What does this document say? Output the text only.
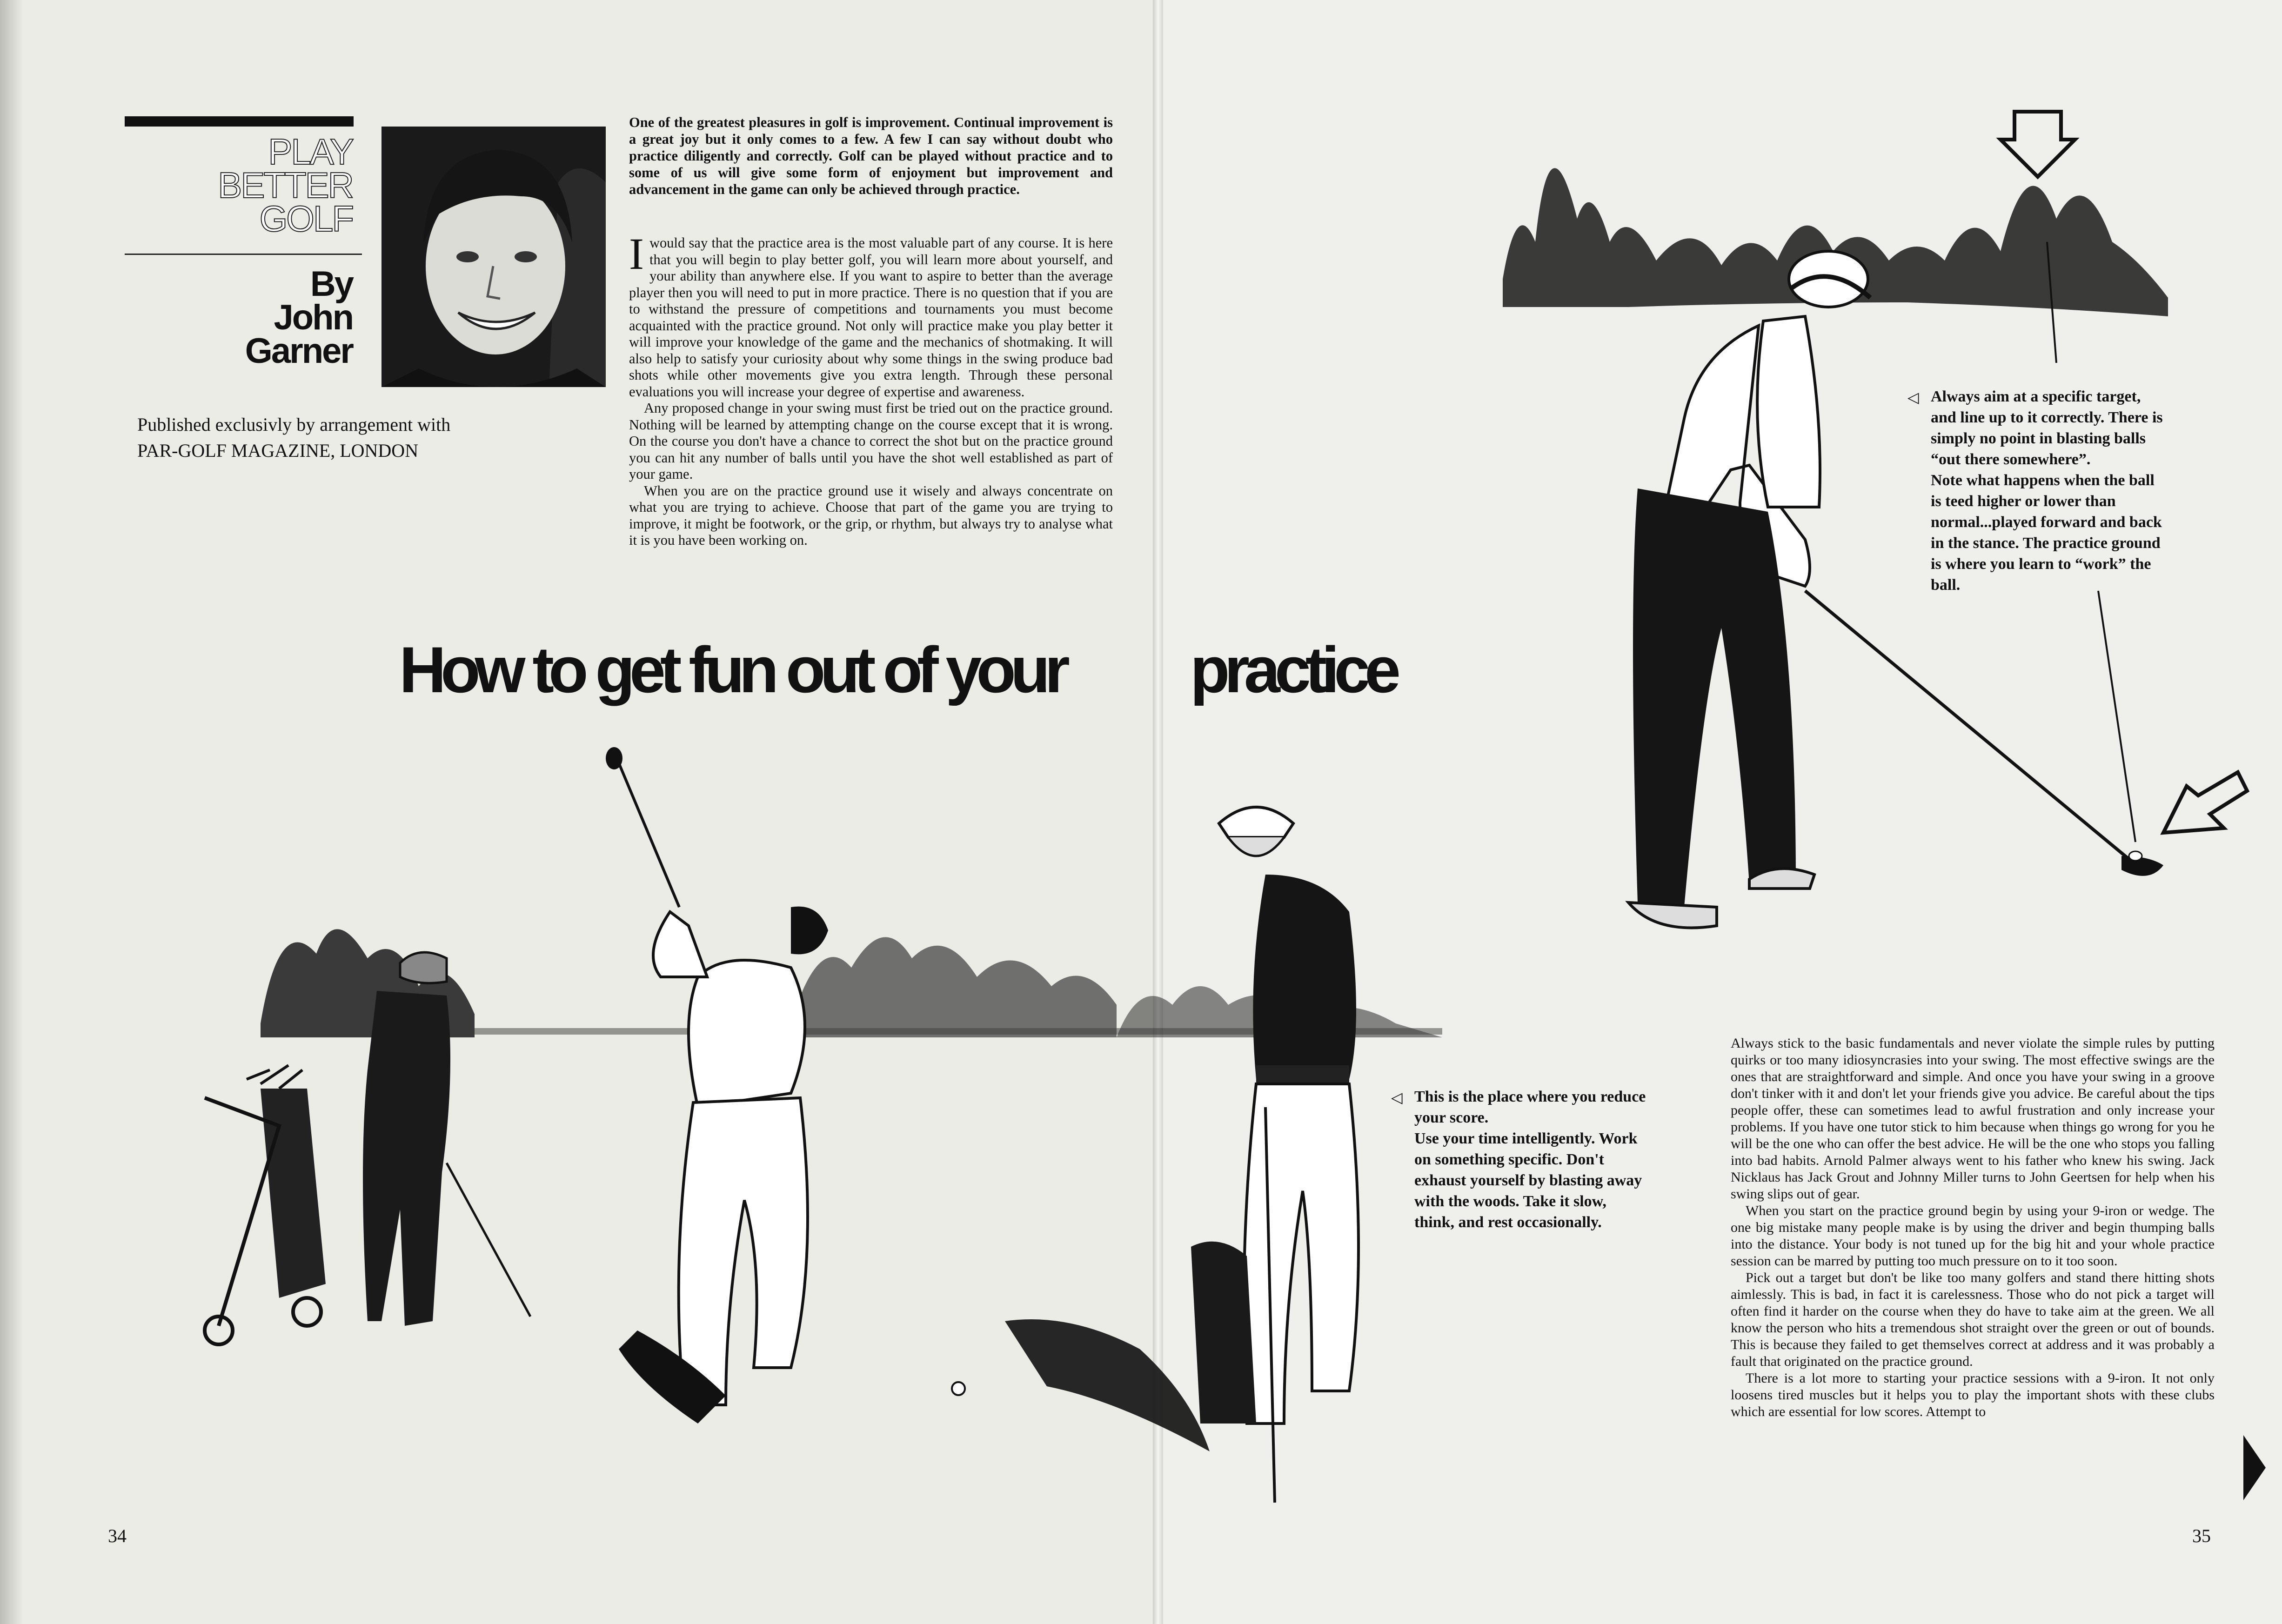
PLAY
BETTER
GOLF
By
John
Garner
Published exclusivly by arrangement with
PAR-GOLF MAGAZINE, LONDON
One of the greatest pleasures in golf is improvement. Continual improvement is a great joy but it only comes to a few. A few I can say without doubt who practice diligently and correctly. Golf can be played without practice and to some of us will give some form of enjoyment but improvement and advancement in the game can only be achieved through practice.

Iwould say that the practice area is the most valuable part of any course. It is here that you will begin to play better golf, you will learn more about yourself, and your ability than anywhere else. If you want to aspire to better than the average player then you will need to put in more practice. There is no question that if you are to withstand the pressure of competitions and tournaments you must become acquainted with the practice ground. Not only will practice make you play better it will improve your knowledge of the game and the mechanics of shotmaking. It will also help to satisfy your curiosity about why some things in the swing produce bad shots while other movements give you extra length. Through these personal evaluations you will increase your degree of expertise and awareness.

Any proposed change in your swing must first be tried out on the practice ground. Nothing will be learned by attempting change on the course except that it is wrong. On the course you don't have a chance to correct the shot but on the practice ground you can hit any number of balls until you have the shot well established as part of your game.

When you are on the practice ground use it wisely and always concentrate on what you are trying to achieve. Choose that part of the game you are trying to improve, it might be footwork, or the grip, or rhythm, but always try to analyse what it is you have been working on.

How to get fun out of your practice
◁ Always aim at a specific target,

and line up to it correctly. There is

simply no point in blasting balls

“out there somewhere”.

Note what happens when the ball

is teed higher or lower than

normal...played forward and back

in the stance. The practice ground

is where you learn to “work” the

ball.

◁ This is the place where you reduce

your score.

Use your time intelligently. Work

on something specific. Don't

exhaust yourself by blasting away

with the woods. Take it slow,

think, and rest occasionally.

Always stick to the basic fundamentals and never violate the simple rules by putting quirks or too many idiosyncrasies into your swing. The most effective swings are the ones that are straightforward and simple. And once you have your swing in a groove don't tinker with it and don't let your friends give you advice. Be careful about the tips people offer, these can sometimes lead to awful frustration and only increase your problems. If you have one tutor stick to him because when things go wrong for you he will be the one who can offer the best advice. He will be the one who stops you falling into bad habits. Arnold Palmer always went to his father who knew his swing. Jack Nicklaus has Jack Grout and Johnny Miller turns to John Geertsen for help when his swing slips out of gear.

When you start on the practice ground begin by using your 9-iron or wedge. The one big mistake many people make is by using the driver and begin thumping balls into the distance. Your body is not tuned up for the big hit and your whole practice session can be marred by putting too much pressure on to it too soon.

Pick out a target but don't be like too many golfers and stand there hitting shots aimlessly. This is bad, in fact it is carelessness. Those who do not pick a target will often find it harder on the course when they do have to take aim at the green. We all know the person who hits a tremendous shot straight over the green or out of bounds. This is because they failed to get themselves correct at address and it was probably a fault that originated on the practice ground.

There is a lot more to starting your practice sessions with a 9-iron. It not only loosens tired muscles but it helps you to play the important shots with these clubs which are essential for low scores. Attempt to

34	35
